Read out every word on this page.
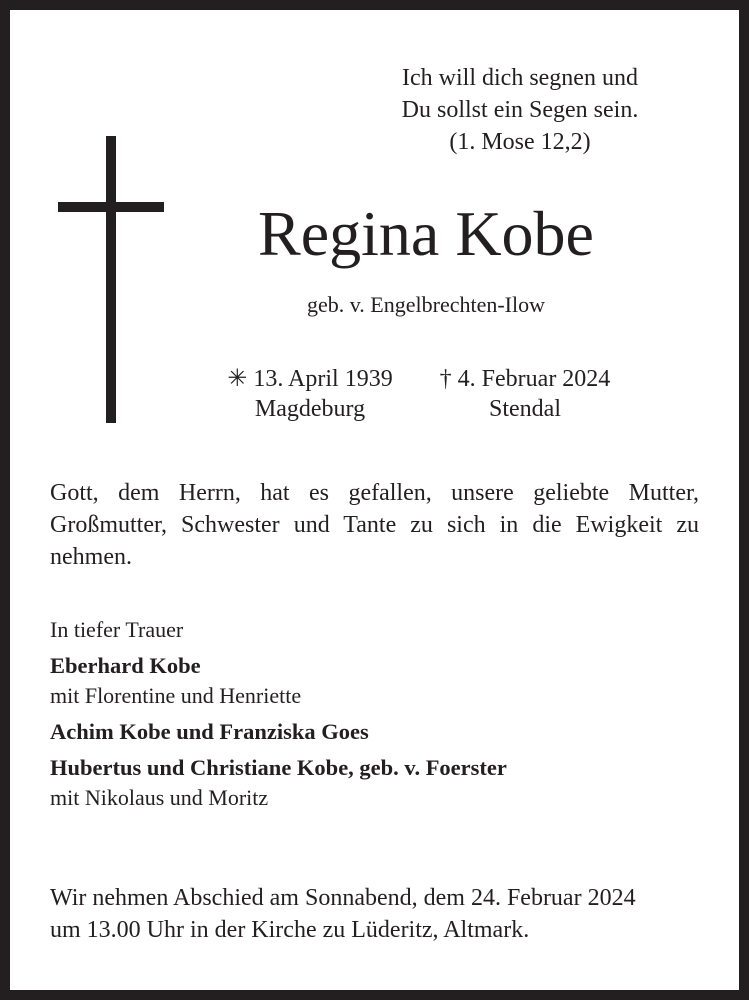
Ich will dich segnen und
Du sollst ein Segen sein.
(1. Mose 12,2)
Regina Kobe
geb. v. Engelbrechten-Ilow
✳ 13. April 1939
Magdeburg
† 4. Februar 2024
Stendal
Gott, dem Herrn, hat es gefallen, unsere geliebte Mutter, Großmutter, Schwester und Tante zu sich in die Ewigkeit zu nehmen.
In tiefer Trauer
Eberhard Kobe
mit Florentine und Henriette
Achim Kobe und Franziska Goes
Hubertus und Christiane Kobe, geb. v. Foerster
mit Nikolaus und Moritz
Wir nehmen Abschied am Sonnabend, dem 24. Februar 2024
um 13.00 Uhr in der Kirche zu Lüderitz, Altmark.
